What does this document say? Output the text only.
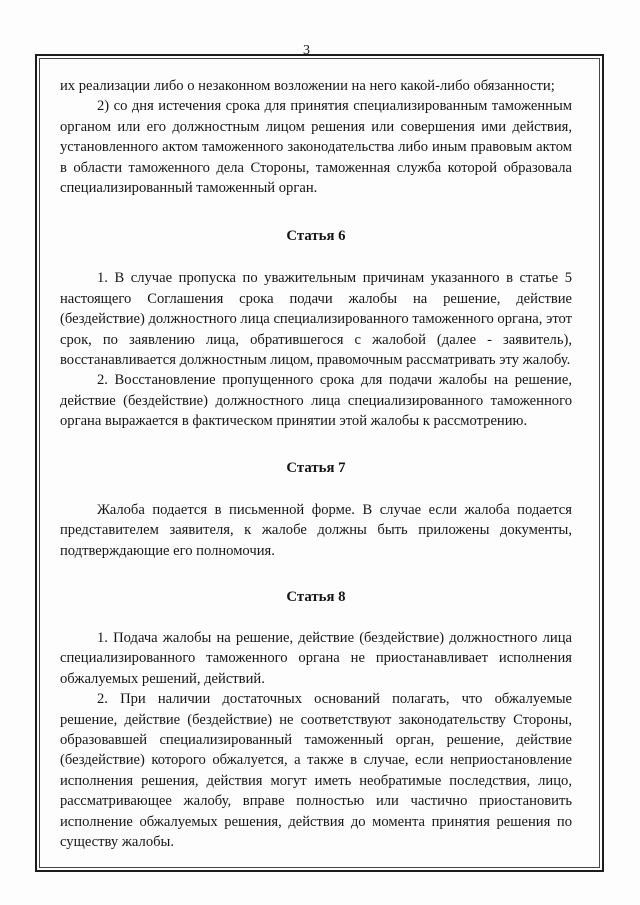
3

их реализации либо о незаконном возложении на него какой-либо обязанности;

2) со дня истечения срока для принятия специализированным таможенным органом или его должностным лицом решения или совершения ими действия, установленного актом таможенного законодательства либо иным правовым актом в области таможенного дела Стороны, таможенная служба которой образовала специализированный таможенный орган.

Статья 6

1. В случае пропуска по уважительным причинам указанного в статье 5 настоящего Соглашения срока подачи жалобы на решение, действие (бездействие) должностного лица специализированного таможенного органа, этот срок, по заявлению лица, обратившегося с жалобой (далее - заявитель), восстанавливается должностным лицом, правомочным рассматривать эту жалобу.

2. Восстановление пропущенного срока для подачи жалобы на решение, действие (бездействие) должностного лица специализированного таможенного органа выражается в фактическом принятии этой жалобы к рассмотрению.

Статья 7

Жалоба подается в письменной форме. В случае если жалоба подается представителем заявителя, к жалобе должны быть приложены документы, подтверждающие его полномочия.

Статья 8

1. Подача жалобы на решение, действие (бездействие) должностного лица специализированного таможенного органа не приостанавливает исполнения обжалуемых решений, действий.

2. При наличии достаточных оснований полагать, что обжалуемые решение, действие (бездействие) не соответствуют законодательству Стороны, образовавшей специализированный таможенный орган, решение, действие (бездействие) которого обжалуется, а также в случае, если неприостановление исполнения решения, действия могут иметь необратимые последствия, лицо, рассматривающее жалобу, вправе полностью или частично приостановить исполнение обжалуемых решения, действия до момента принятия решения по существу жалобы.
